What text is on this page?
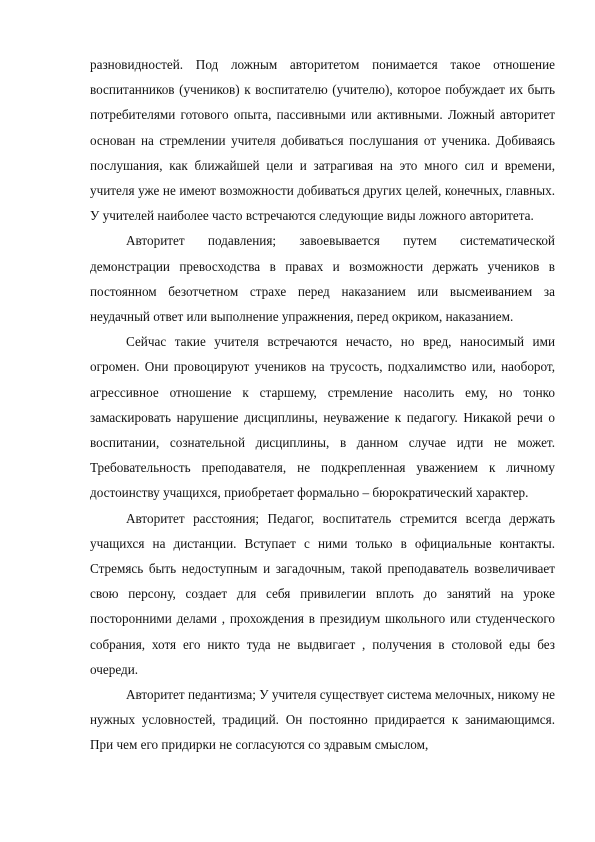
разновидностей. Под ложным авторитетом понимается такое отношение воспитанников (учеников) к воспитателю (учителю), которое побуждает их быть потребителями готового опыта, пассивными или активными. Ложный авторитет основан на стремлении учителя добиваться послушания от ученика. Добиваясь послушания, как ближайшей цели и затрагивая на это много сил и времени, учителя уже не имеют возможности добиваться других целей, конечных, главных. У учителей наиболее часто встречаются следующие виды ложного авторитета.

Авторитет подавления; завоевывается путем систематической демонстрации превосходства в правах и возможности держать учеников в постоянном безотчетном страхе перед наказанием или высмеиванием за неудачный ответ или выполнение упражнения, перед окриком, наказанием.

Сейчас такие учителя встречаются нечасто, но вред, наносимый ими огромен. Они провоцируют учеников на трусость, подхалимство или, наоборот, агрессивное отношение к старшему, стремление насолить ему, но тонко замаскировать нарушение дисциплины, неуважение к педагогу. Никакой речи о воспитании, сознательной дисциплины, в данном случае идти не может. Требовательность преподавателя, не подкрепленная уважением к личному достоинству учащихся, приобретает формально – бюрократический характер.

Авторитет расстояния; Педагог, воспитатель стремится всегда держать учащихся на дистанции. Вступает с ними только в официальные контакты. Стремясь быть недоступным и загадочным, такой преподаватель возвеличивает свою персону, создает для себя привилегии вплоть до занятий на уроке посторонними делами , прохождения в президиум школьного или студенческого собрания, хотя его никто туда не выдвигает , получения в столовой еды без очереди.

Авторитет педантизма; У учителя существует система мелочных, никому не нужных условностей, традиций. Он постоянно придирается к занимающимся. При чем его придирки не согласуются со здравым смыслом,
